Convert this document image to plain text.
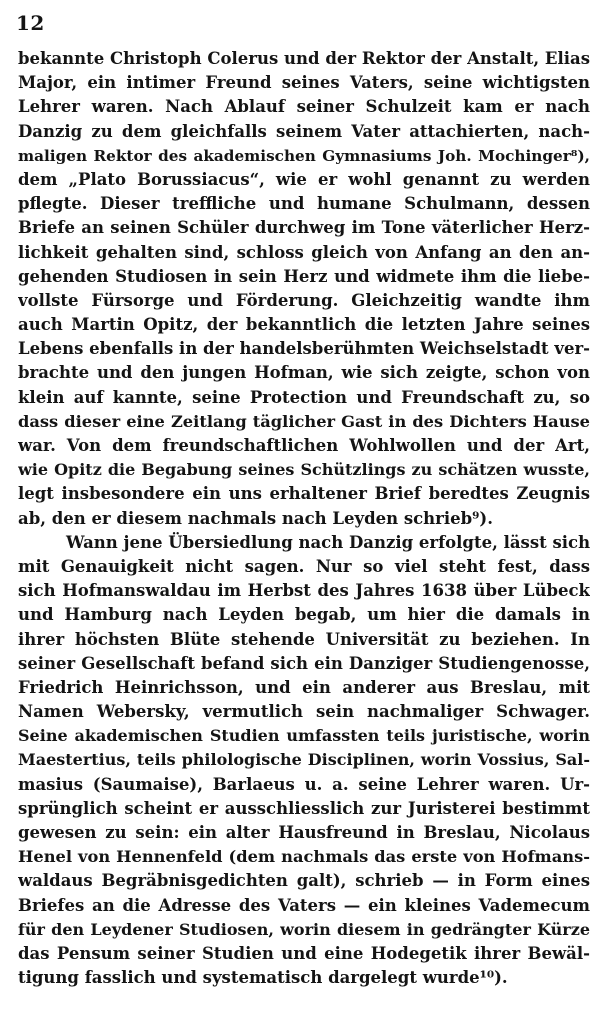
12
bekannte Christoph Colerus und der Rektor der Anstalt, Elias
Major, ein intimer Freund seines Vaters, seine wichtigsten
Lehrer waren. Nach Ablauf seiner Schulzeit kam er nach
Danzig zu dem gleichfalls seinem Vater attachierten, nach-
maligen Rektor des akademischen Gymnasiums Joh. Mochinger⁸),
dem „Plato Borussiacus“, wie er wohl genannt zu werden
pflegte. Dieser treffliche und humane Schulmann, dessen
Briefe an seinen Schüler durchweg im Tone väterlicher Herz-
lichkeit gehalten sind, schloss gleich von Anfang an den an-
gehenden Studiosen in sein Herz und widmete ihm die liebe-
vollste Fürsorge und Förderung. Gleichzeitig wandte ihm
auch Martin Opitz, der bekanntlich die letzten Jahre seines
Lebens ebenfalls in der handelsberühmten Weichselstadt ver-
brachte und den jungen Hofman, wie sich zeigte, schon von
klein auf kannte, seine Protection und Freundschaft zu, so
dass dieser eine Zeitlang täglicher Gast in des Dichters Hause
war. Von dem freundschaftlichen Wohlwollen und der Art,
wie Opitz die Begabung seines Schützlings zu schätzen wusste,
legt insbesondere ein uns erhaltener Brief beredtes Zeugnis
ab, den er diesem nachmals nach Leyden schrieb⁹).
Wann jene Übersiedlung nach Danzig erfolgte, lässt sich
mit Genauigkeit nicht sagen. Nur so viel steht fest, dass
sich Hofmanswaldau im Herbst des Jahres 1638 über Lübeck
und Hamburg nach Leyden begab, um hier die damals in
ihrer höchsten Blüte stehende Universität zu beziehen. In
seiner Gesellschaft befand sich ein Danziger Studiengenosse,
Friedrich Heinrichsson, und ein anderer aus Breslau, mit
Namen Webersky, vermutlich sein nachmaliger Schwager.
Seine akademischen Studien umfassten teils juristische, worin
Maestertius, teils philologische Disciplinen, worin Vossius, Sal-
masius (Saumaise), Barlaeus u. a. seine Lehrer waren. Ur-
sprünglich scheint er ausschliesslich zur Juristerei bestimmt
gewesen zu sein: ein alter Hausfreund in Breslau, Nicolaus
Henel von Hennenfeld (dem nachmals das erste von Hofmans-
waldaus Begräbnisgedichten galt), schrieb — in Form eines
Briefes an die Adresse des Vaters — ein kleines Vademecum
für den Leydener Studiosen, worin diesem in gedrängter Kürze
das Pensum seiner Studien und eine Hodegetik ihrer Bewäl-
tigung fasslich und systematisch dargelegt wurde¹⁰).
